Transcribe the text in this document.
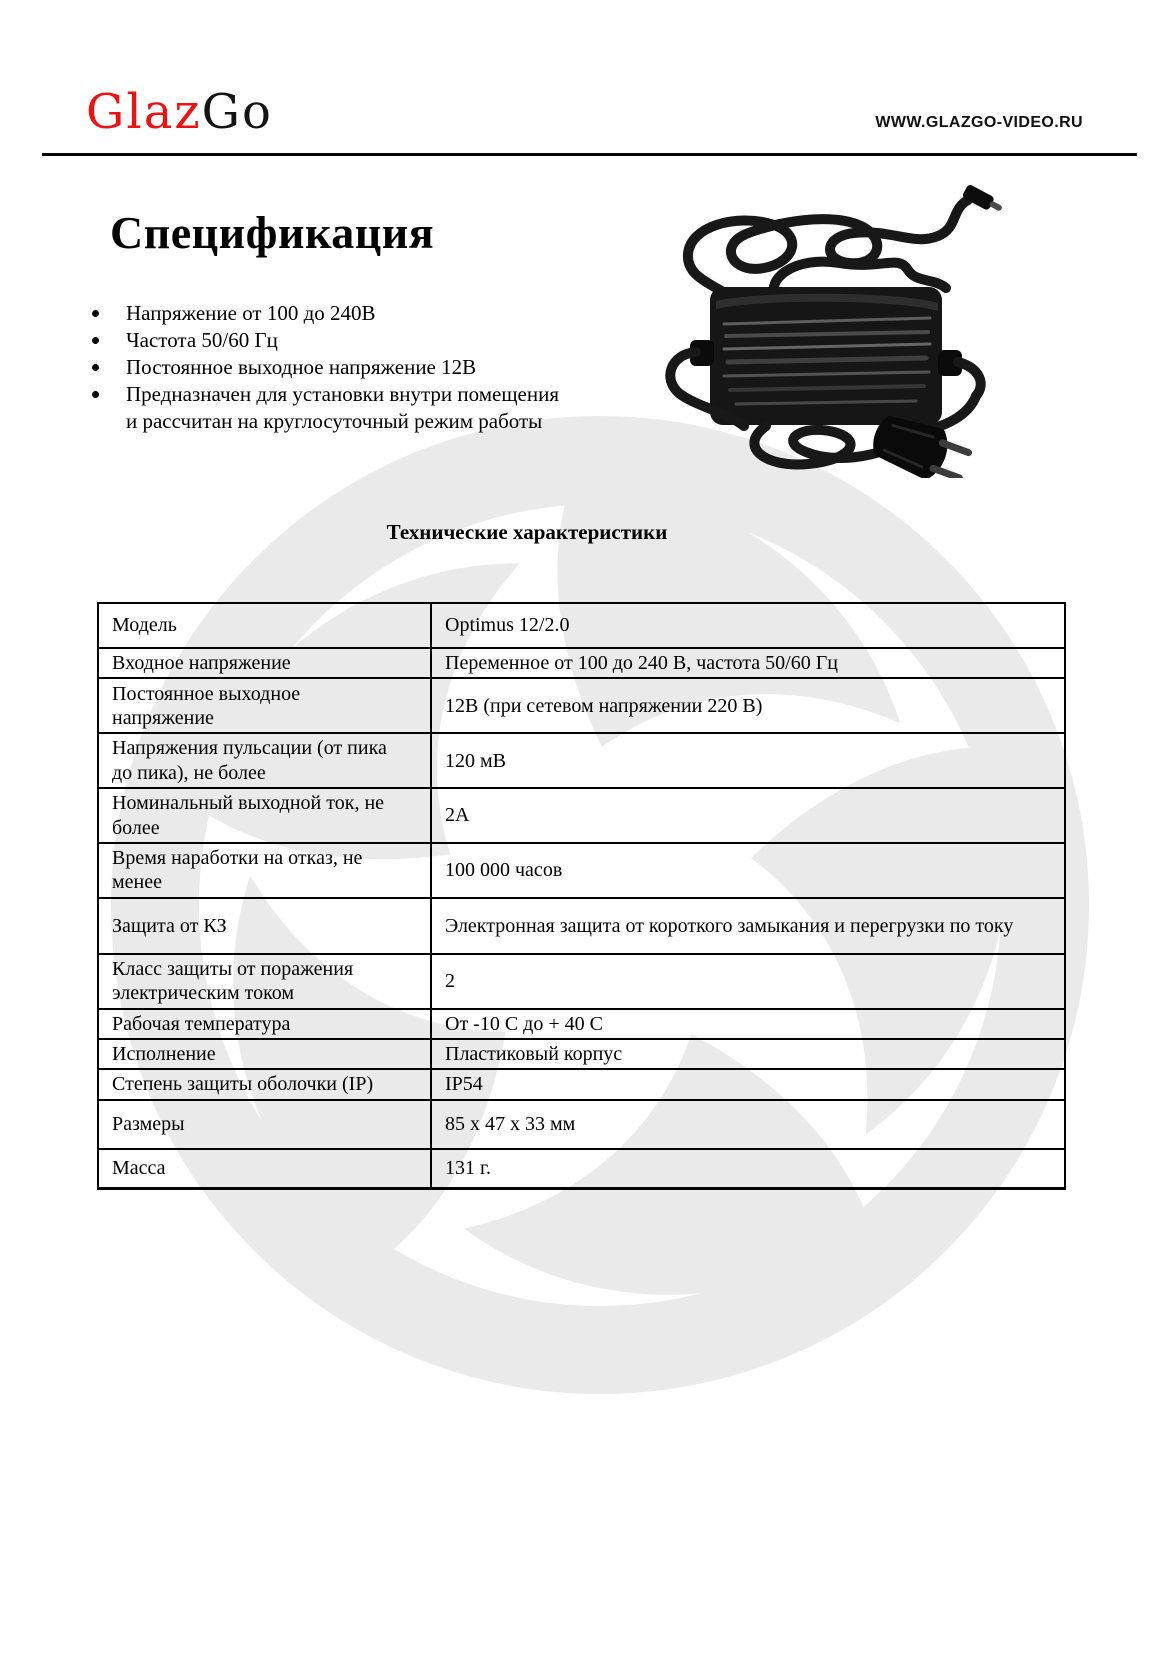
GlazGo	WWW.GLAZGO-VIDEO.RU
Спецификация
Напряжение от 100 до 240В
Частота 50/60 Гц
Постоянное выходное напряжение 12В
Предназначен для установки внутри помещения
и рассчитан на круглосуточный режим работы
Технические характеристики
Модель	Optimus 12/2.0
Входное напряжение	Переменное от 100 до 240 В, частота 50/60 Гц
Постоянное выходное напряжение	12В (при сетевом напряжении 220 В)
Напряжения пульсации (от пика до пика), не более	120 мВ
Номинальный выходной ток, не более	2А
Время наработки на отказ, не менее	100 000 часов
Защита от КЗ	Электронная защита от короткого замыкания и перегрузки по току
Класс защиты от поражения электрическим током	2
Рабочая температура	От -10 С до + 40 С
Исполнение	Пластиковый корпус
Степень защиты оболочки (IP)	IP54
Размеры	85 х 47 х 33 мм
Масса	131 г.
